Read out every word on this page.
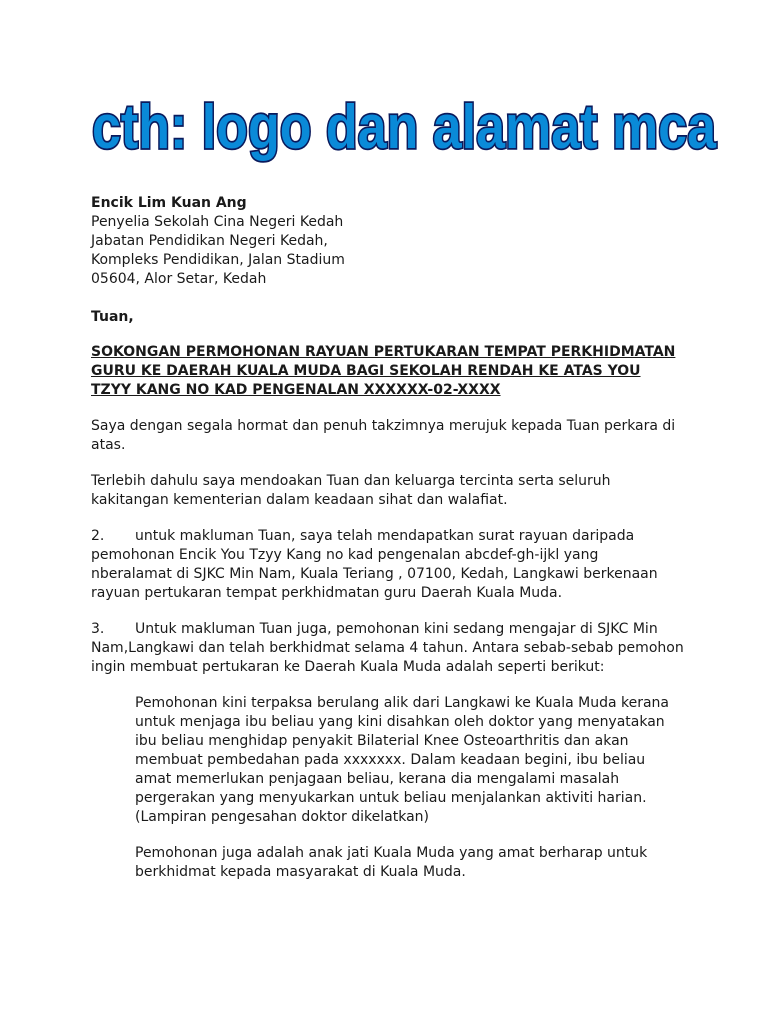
cth: logo dan alamat mca

Encik Lim Kuan Ang

Penyelia Sekolah Cina Negeri Kedah

Jabatan Pendidikan Negeri Kedah,

Kompleks Pendidikan, Jalan Stadium

05604, Alor Setar, Kedah

Tuan,

SOKONGAN PERMOHONAN RAYUAN PERTUKARAN TEMPAT PERKHIDMATAN

GURU KE DAERAH KUALA MUDA BAGI SEKOLAH RENDAH KE ATAS YOU

TZYY KANG NO KAD PENGENALAN XXXXXX-02-XXXX

Saya dengan segala hormat dan penuh takzimnya merujuk kepada Tuan perkara di

atas.

Terlebih dahulu saya mendoakan Tuan dan keluarga tercinta serta seluruh

kakitangan kementerian dalam keadaan sihat dan walafiat.

2. untuk makluman Tuan, saya telah mendapatkan surat rayuan daripada

pemohonan Encik You Tzyy Kang no kad pengenalan abcdef-gh-ijkl yang

nberalamat di SJKC Min Nam, Kuala Teriang , 07100, Kedah, Langkawi berkenaan

rayuan pertukaran tempat perkhidmatan guru Daerah Kuala Muda.

3. Untuk makluman Tuan juga, pemohonan kini sedang mengajar di SJKC Min

Nam,Langkawi dan telah berkhidmat selama 4 tahun. Antara sebab-sebab pemohon

ingin membuat pertukaran ke Daerah Kuala Muda adalah seperti berikut:

Pemohonan kini terpaksa berulang alik dari Langkawi ke Kuala Muda kerana

untuk menjaga ibu beliau yang kini disahkan oleh doktor yang menyatakan

ibu beliau menghidap penyakit Bilaterial Knee Osteoarthritis dan akan

membuat pembedahan pada xxxxxxx. Dalam keadaan begini, ibu beliau

amat memerlukan penjagaan beliau, kerana dia mengalami masalah

pergerakan yang menyukarkan untuk beliau menjalankan aktiviti harian.

(Lampiran pengesahan doktor dikelatkan)

Pemohonan juga adalah anak jati Kuala Muda yang amat berharap untuk

berkhidmat kepada masyarakat di Kuala Muda.
